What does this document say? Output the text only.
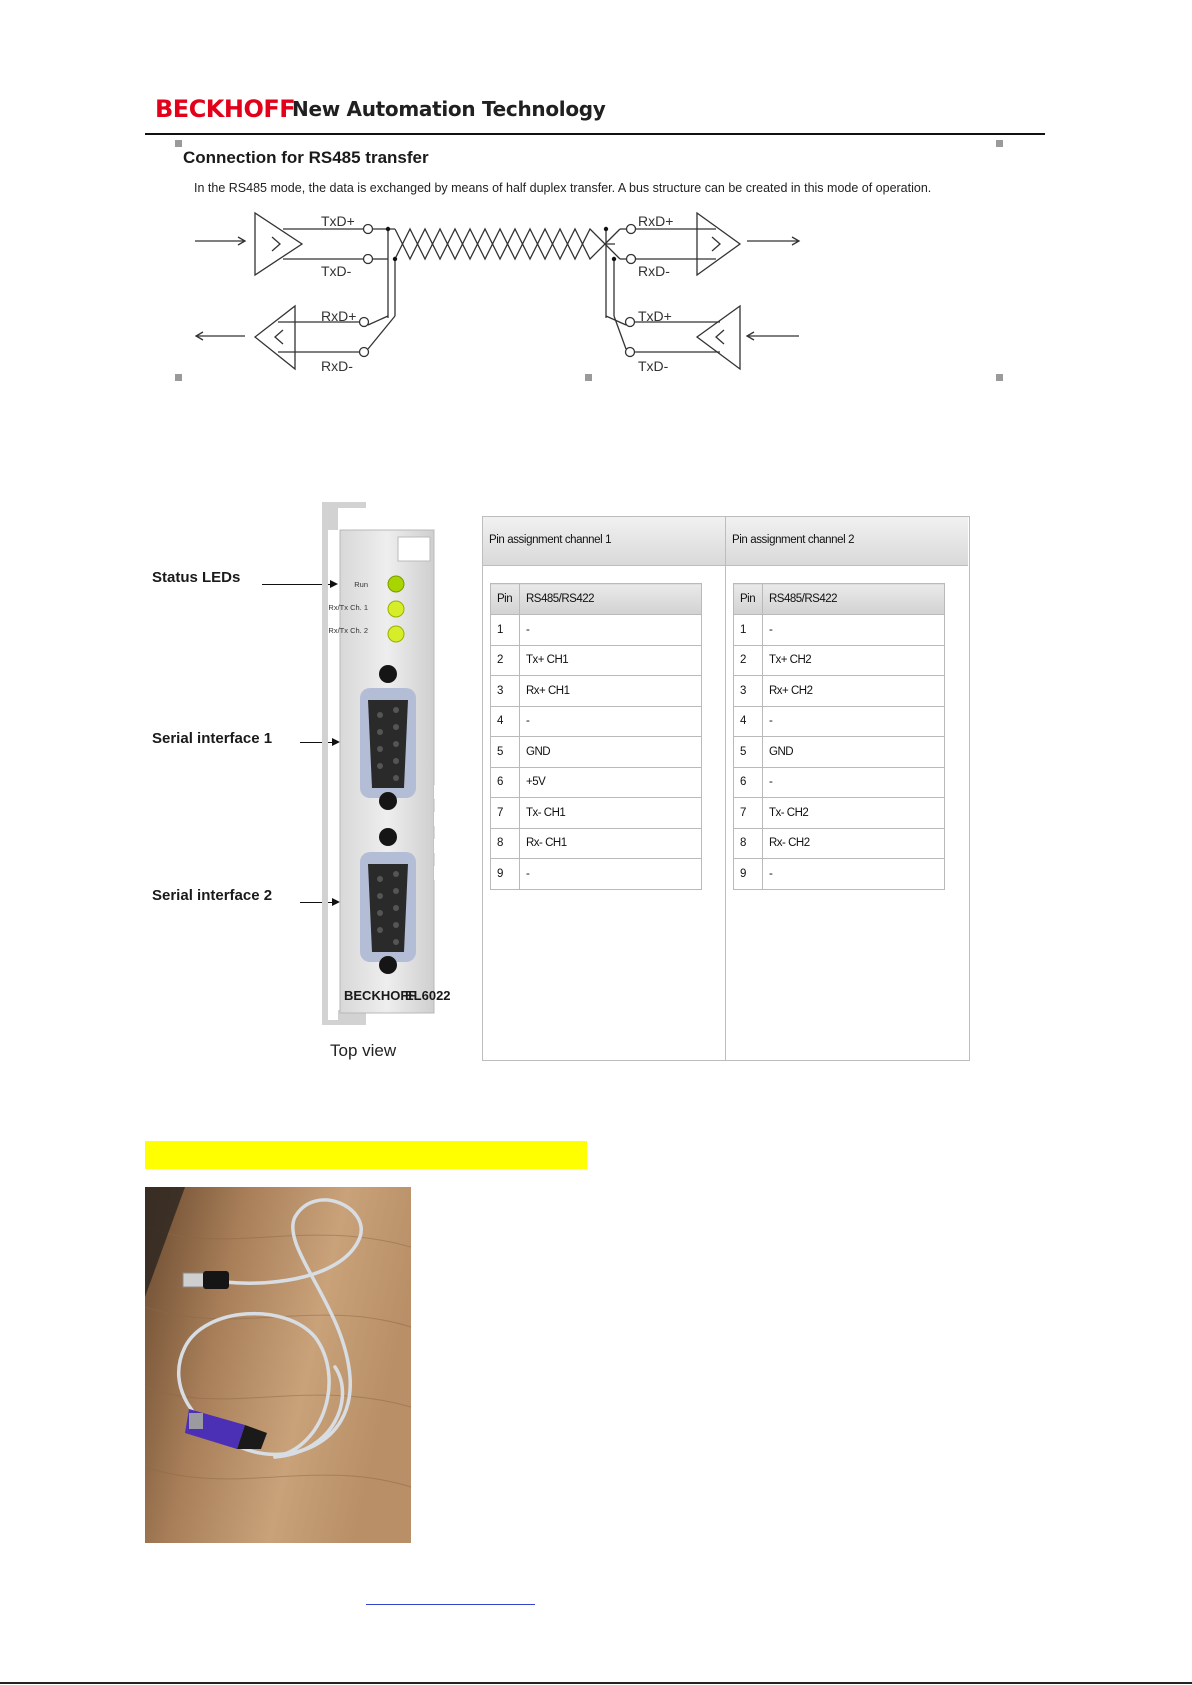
BECKHOFF
New Automation Technology
Connection for RS485 transfer
In the RS485 mode, the data is exchanged by means of half duplex transfer. A bus structure can be created in this mode of operation.
TxD+
TxD-
RxD+
RxD-
RxD+
RxD-
TxD+
TxD-
Status LEDs
Serial interface 1
Serial interface 2
Run
Rx/Tx Ch. 1
Rx/Tx Ch. 2
BECKHOFF
EL6022
Top view
Pin assignment channel 1
Pin	RS485/RS422
1	-
2	Tx+ CH1
3	Rx+ CH1
4	-
5	GND
6	+5V
7	Tx- CH1
8	Rx- CH1
9	-
Pin assignment channel 2
Pin	RS485/RS422
1	-
2	Tx+ CH2
3	Rx+ CH2
4	-
5	GND
6	-
7	Tx- CH2
8	Rx- CH2
9	-
